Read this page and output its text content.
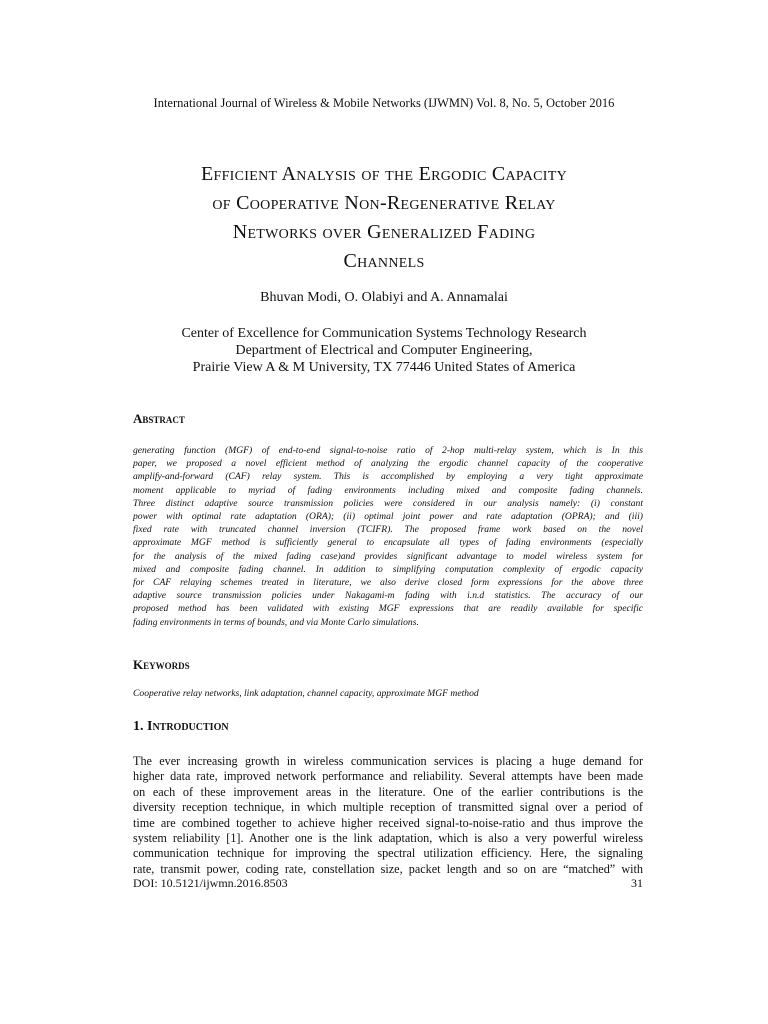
International Journal of Wireless & Mobile Networks (IJWMN) Vol. 8, No. 5, October 2016
Efficient Analysis of the Ergodic Capacity
of Cooperative Non-Regenerative Relay
Networks over Generalized Fading
Channels
Bhuvan Modi, O. Olabiyi and A. Annamalai
Center of Excellence for Communication Systems Technology Research
Department of Electrical and Computer Engineering,
Prairie View A & M University, TX 77446 United States of America
Abstract
generating function (MGF) of end-to-end signal-to-noise ratio of 2-hop multi-relay system, which is In this
paper, we proposed a novel efficient method of analyzing the ergodic channel capacity of the cooperative
amplify-and-forward (CAF) relay system. This is accomplished by employing a very tight approximate
moment applicable to myriad of fading environments including mixed and composite fading channels.
Three distinct adaptive source transmission policies were considered in our analysis namely: (i) constant
power with optimal rate adaptation (ORA); (ii) optimal joint power and rate adaptation (OPRA); and (iii)
fixed rate with truncated channel inversion (TCIFR). The proposed frame work based on the novel
approximate MGF method is sufficiently general to encapsulate all types of fading environments (especially
for the analysis of the mixed fading case)and provides significant advantage to model wireless system for
mixed and composite fading channel. In addition to simplifying computation complexity of ergodic capacity
for CAF relaying schemes treated in literature, we also derive closed form expressions for the above three
adaptive source transmission policies under Nakagami-m fading with i.n.d statistics. The accuracy of our
proposed method has been validated with existing MGF expressions that are readily available for specific
fading environments in terms of bounds, and via Monte Carlo simulations.
Keywords
Cooperative relay networks, link adaptation, channel capacity, approximate MGF method
1. Introduction
The ever increasing growth in wireless communication services is placing a huge demand for
higher data rate, improved network performance and reliability. Several attempts have been made
on each of these improvement areas in the literature. One of the earlier contributions is the
diversity reception technique, in which multiple reception of transmitted signal over a period of
time are combined together to achieve higher received signal-to-noise-ratio and thus improve the
system reliability [1]. Another one is the link adaptation, which is also a very powerful wireless
communication technique for improving the spectral utilization efficiency. Here, the signaling
rate, transmit power, coding rate, constellation size, packet length and so on are “matched” with
DOI: 10.5121/ijwmn.2016.8503	31
